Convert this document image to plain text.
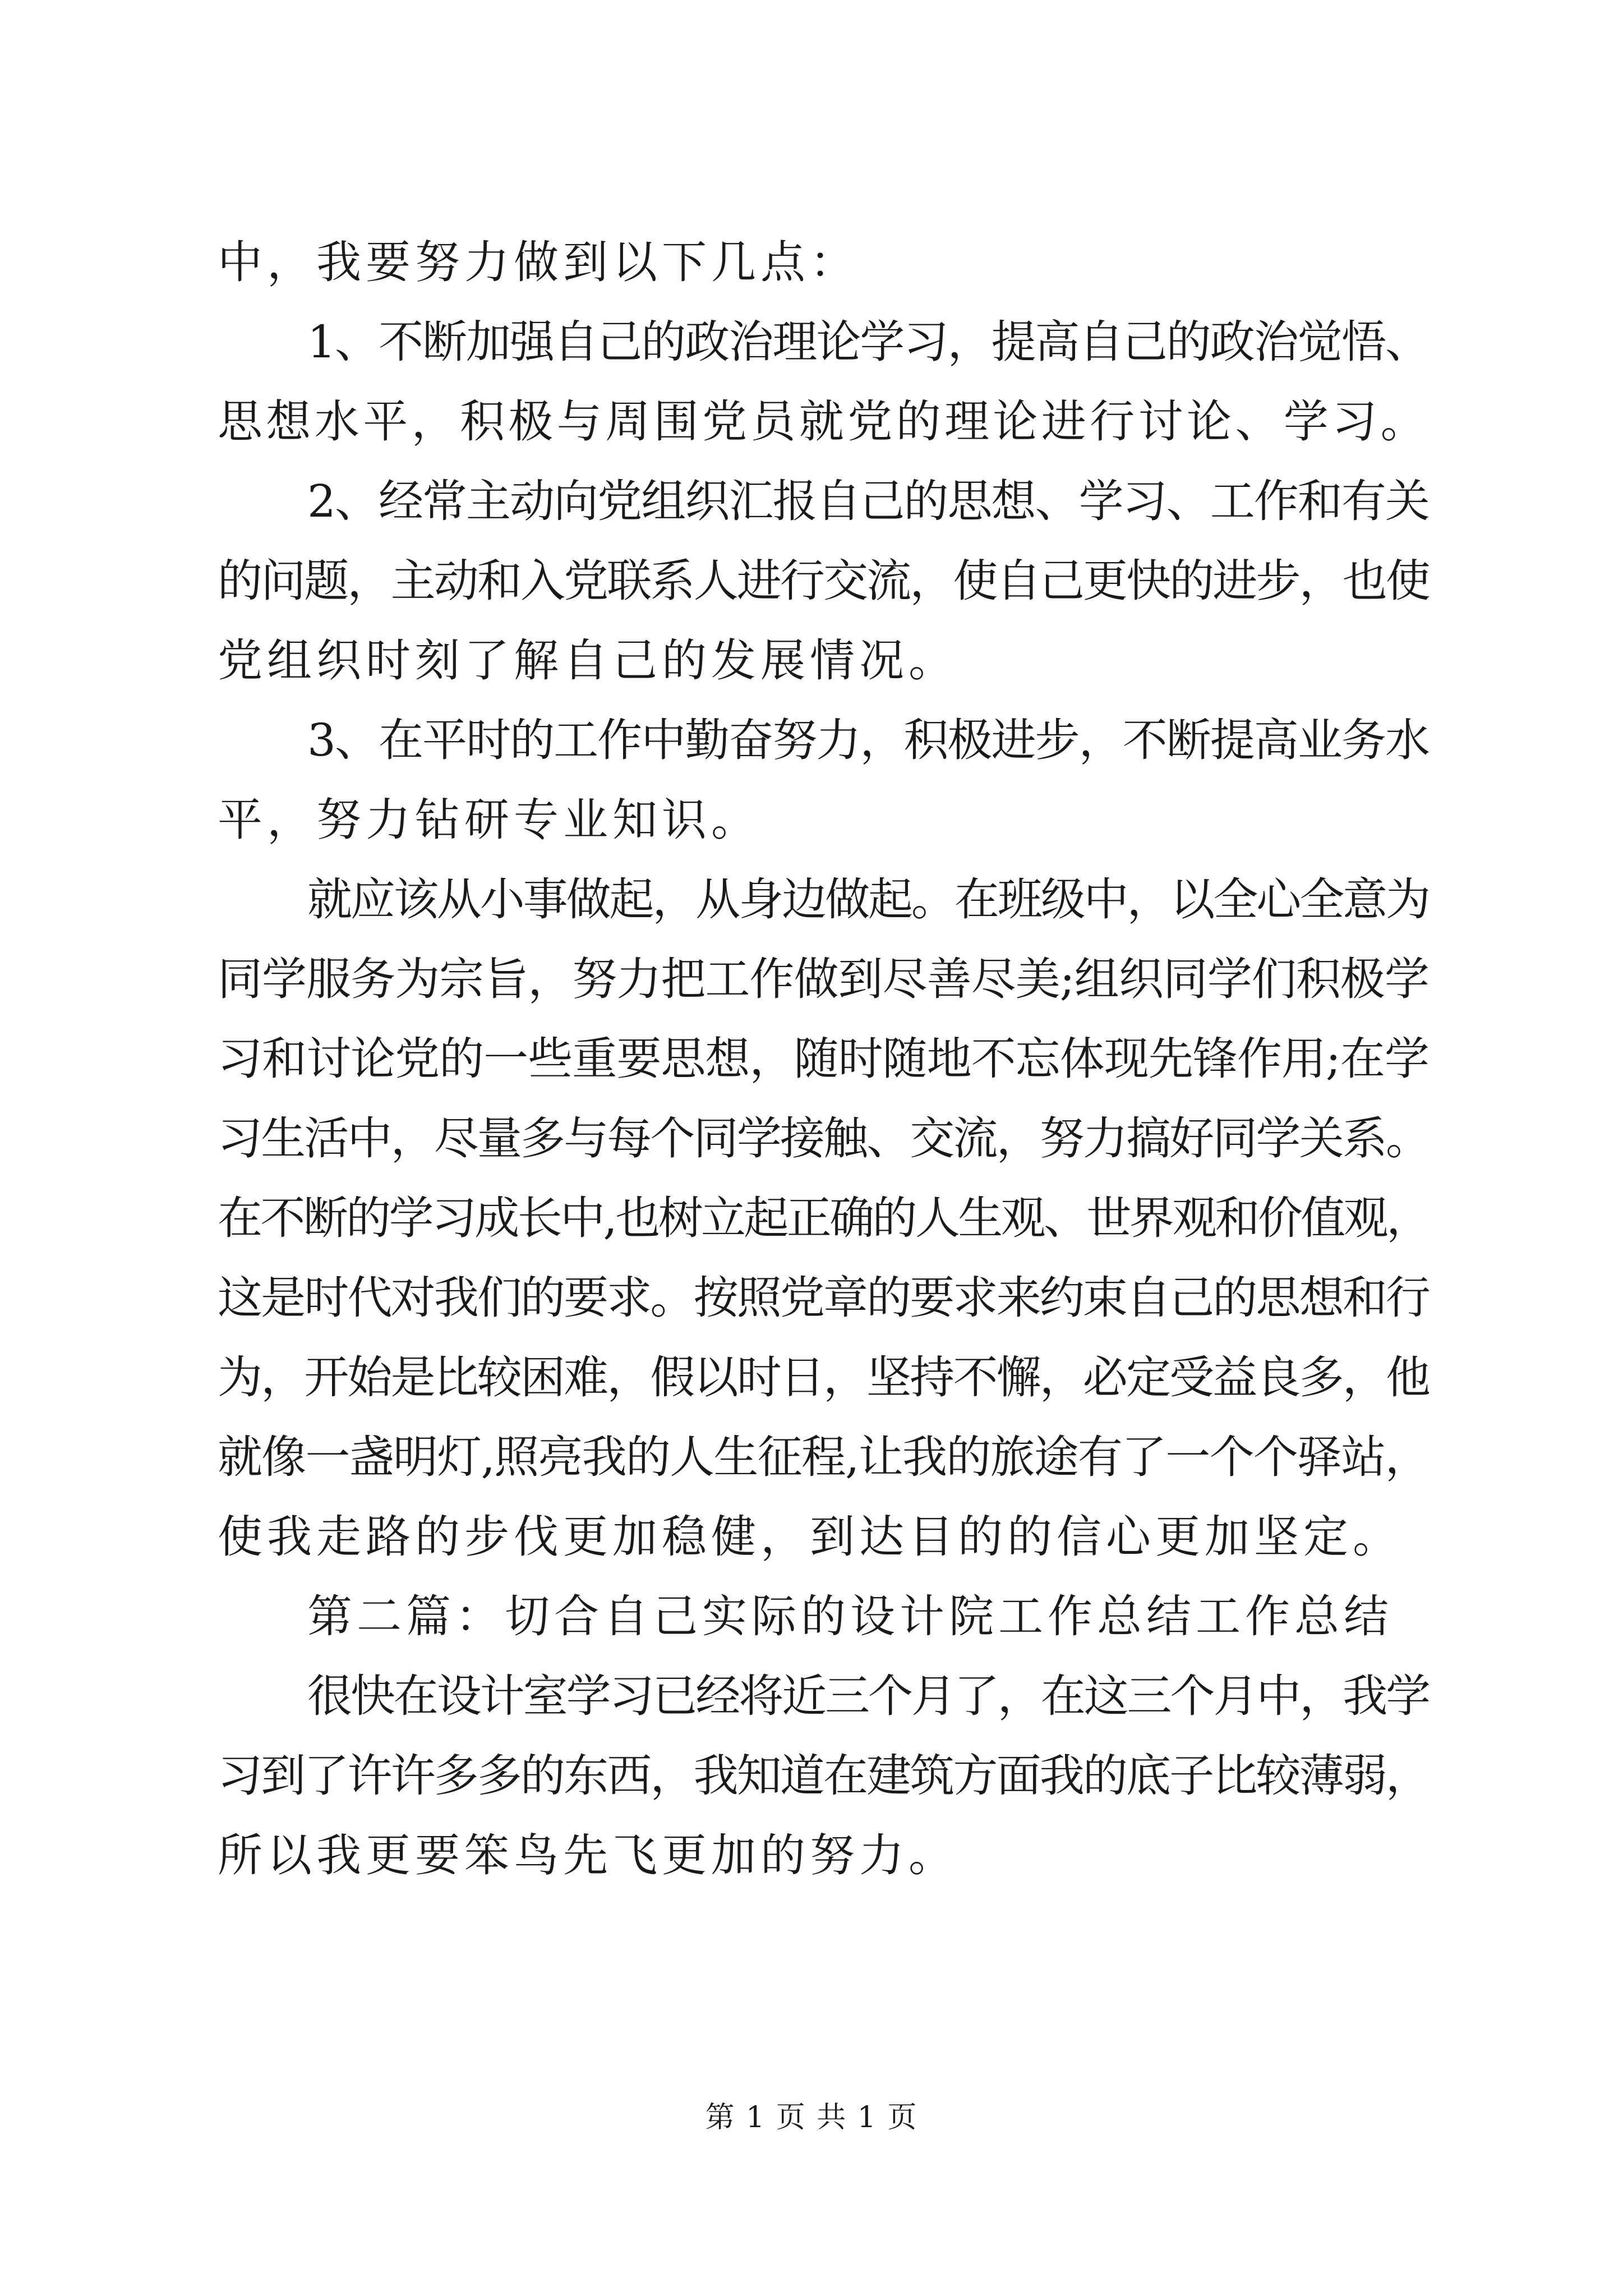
中，我要努力做到以下几点：
1、不断加强自己的政治理论学习，提高自己的政治觉悟、
思想水平，积极与周围党员就党的理论进行讨论、学习。
2、经常主动向党组织汇报自己的思想、学习、工作和有关
的问题，主动和入党联系人进行交流，使自己更快的进步，也使
党组织时刻了解自己的发展情况。
3、在平时的工作中勤奋努力，积极进步，不断提高业务水
平，努力钻研专业知识。
就应该从小事做起，从身边做起。在班级中，以全心全意为
同学服务为宗旨，努力把工作做到尽善尽美;组织同学们积极学
习和讨论党的一些重要思想，随时随地不忘体现先锋作用;在学
习生活中，尽量多与每个同学接触、交流，努力搞好同学关系。
在不断的学习成长中,也树立起正确的人生观、世界观和价值观，
这是时代对我们的要求。按照党章的要求来约束自己的思想和行
为，开始是比较困难，假以时日，坚持不懈，必定受益良多，他
就像一盏明灯,照亮我的人生征程,让我的旅途有了一个个驿站，
使我走路的步伐更加稳健，到达目的的信心更加坚定。
第二篇：切合自己实际的设计院工作总结工作总结
很快在设计室学习已经将近三个月了，在这三个月中，我学
习到了许许多多的东西，我知道在建筑方面我的底子比较薄弱，
所以我更要笨鸟先飞更加的努力。
第 1 页 共 1 页
